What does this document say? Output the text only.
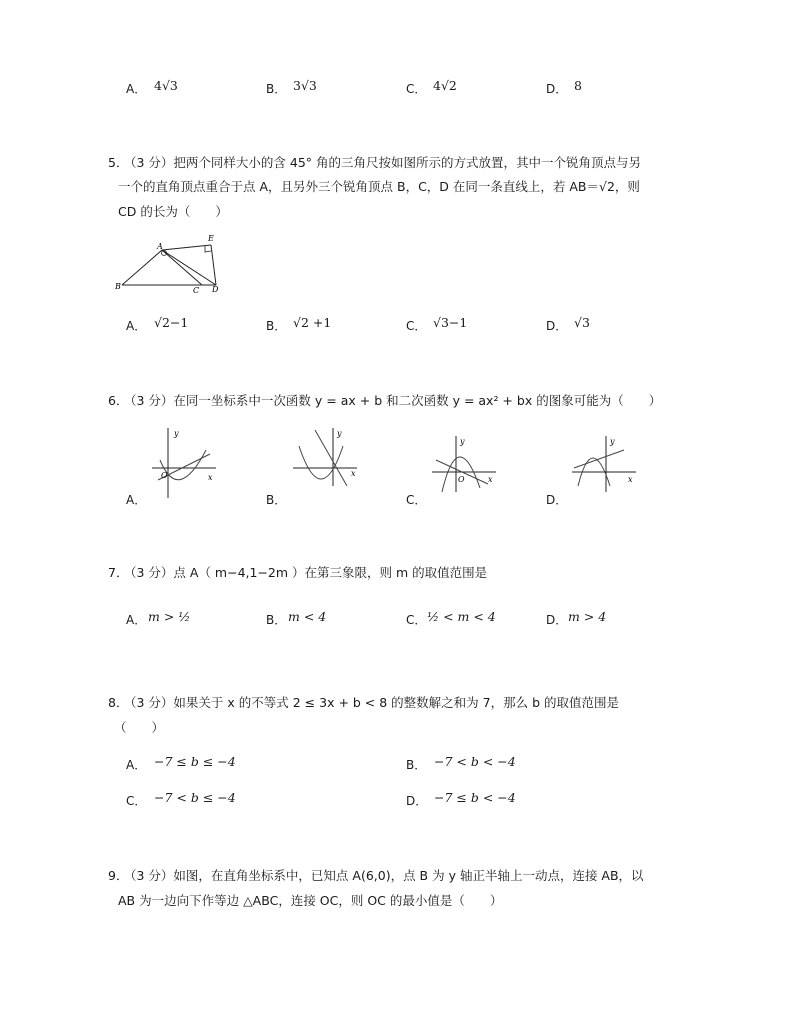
A． 4√3	B． 3√3	C． 4√2	D． 8
5．
（3 分）把两个同样大小的含 45° 角的三角尺按如图所示的方式放置，其中一个锐角顶点与另
一个的直角顶点重合于点 A，且另外三个锐角顶点 B，C，D 在同一条直线上，若 AB＝√2，则
CD 的长为（　　）
A
B	C D
E
A． √2−1	B． √2 +1	C． √3−1	D． √3
6．
（3 分）在同一坐标系中一次函数 y = ax + b 和二次函数 y = ax² + bx 的图象可能为（　　）
y
x
O
A．
y
x
B．
y
x
O
C．
y
x
D．
7．
（3 分）点 A（ m−4,1−2m ）在第三象限，则 m 的取值范围是
A． m > ½	B． m < 4	C． ½ < m < 4	D． m > 4
8．
（3 分）如果关于 x 的不等式 2 ≤ 3x + b < 8 的整数解之和为 7，那么 b 的取值范围是
（　　）
A． −7 ≤ b ≤ −4	B． −7 < b < −4
C． −7 < b ≤ −4	D． −7 ≤ b < −4
9．
（3 分）如图，在直角坐标系中，已知点 A(6,0)，点 B 为 y 轴正半轴上一动点，连接 AB，以
AB 为一边向下作等边 △ABC，连接 OC，则 OC 的最小值是（　　）
